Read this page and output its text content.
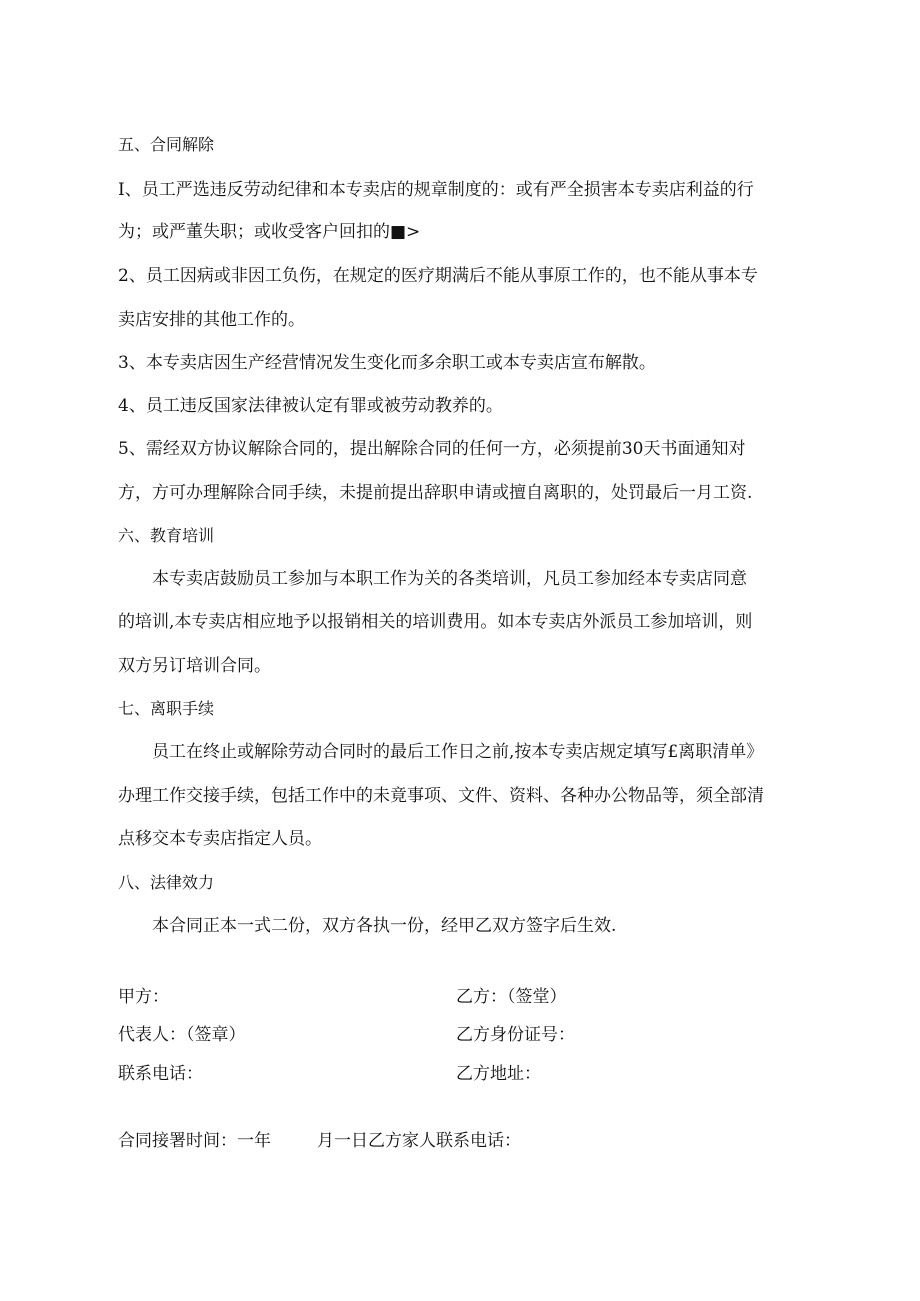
五、合同解除
I、员工严选违反劳动纪律和本专卖店的规章制度的：或有严全损害本专卖店利益的行
为；或严董失职；或收受客户回扣的■>
2、员工因病或非因工负伤，在规定的医疗期满后不能从事原工作的，也不能从事本专
卖店安排的其他工作的。
3、本专卖店因生产经营情况发生变化而多余职工或本专卖店宣布解散。
4、员工违反国家法律被认定有罪或被劳动教养的。
5、需经双方协议解除合同的，提出解除合同的任何一方，必须提前30天书面通知对
方，方可办理解除合同手续，未提前提出辞职申请或擅自离职的，处罚最后一月工资.
六、教育培训
本专卖店鼓励员工参加与本职工作为关的各类培训，凡员工参加经本专卖店同意
的培训,本专卖店相应地予以报销相关的培训费用。如本专卖店外派员工参加培训，则
双方另订培训合同。
七、离职手续
员工在终止或解除劳动合同时的最后工作日之前,按本专卖店规定填写£离职清单》
办理工作交接手续，包括工作中的未竟事项、文件、资料、各种办公物品等，须全部清
点移交本专卖店指定人员。
八、法律效力
本合同正本一式二份，双方各执一份，经甲乙双方签字后生效.
甲方：	乙方：（签堂）
代表人：（签章）	乙方身份证号：
联系电话：	乙方地址：
合同接署时间：一年	月一日乙方家人联系电话：
